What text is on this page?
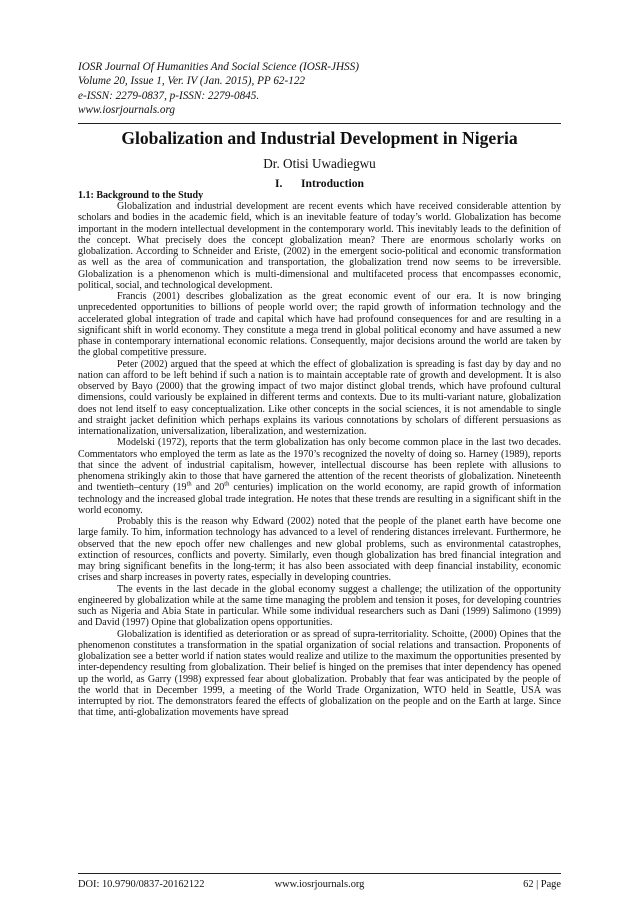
IOSR Journal Of Humanities And Social Science (IOSR-JHSS)
Volume 20, Issue 1, Ver. IV (Jan. 2015), PP 62-122
e-ISSN: 2279-0837, p-ISSN: 2279-0845.
www.iosrjournals.org
Globalization and Industrial Development in Nigeria
Dr. Otisi Uwadiegwu
I. Introduction
1.1: Background to the Study

Globalization and industrial development are recent events which have received considerable attention by scholars and bodies in the academic field, which is an inevitable feature of today’s world. Globalization has become important in the modern intellectual development in the contemporary world. This inevitably leads to the definition of the concept. What precisely does the concept globalization mean? There are enormous scholarly works on globalization. According to Schneider and Eriste, (2002) in the emergent socio-political and economic transformation as well as the area of communication and transportation, the globalization trend now seems to be irreversible. Globalization is a phenomenon which is multi-dimensional and multifaceted process that encompasses economic, political, social, and technological development.

Francis (2001) describes globalization as the great economic event of our era. It is now bringing unprecedented opportunities to billions of people world over; the rapid growth of information technology and the accelerated global integration of trade and capital which have had profound consequences for and are resulting in a significant shift in world economy. They constitute a mega trend in global political economy and have assumed a new phase in contemporary international economic relations. Consequently, major decisions around the world are taken by the global competitive pressure.

Peter (2002) argued that the speed at which the effect of globalization is spreading is fast day by day and no nation can afford to be left behind if such a nation is to maintain acceptable rate of growth and development. It is also observed by Bayo (2000) that the growing impact of two major distinct global trends, which have profound cultural dimensions, could variously be explained in different terms and contexts. Due to its multi-variant nature, globalization does not lend itself to easy conceptualization. Like other concepts in the social sciences, it is not amendable to single and straight jacket definition which perhaps explains its various connotations by scholars of different persuasions as internationalization, universalization, liberalization, and westernization.

Modelski (1972), reports that the term globalization has only become common place in the last two decades. Commentators who employed the term as late as the 1970’s recognized the novelty of doing so. Harney (1989), reports that since the advent of industrial capitalism, however, intellectual discourse has been replete with allusions to phenomena strikingly akin to those that have garnered the attention of the recent theorists of globalization. Nineteenth and twentieth–century (19th and 20th centuries) implication on the world economy, are rapid growth of information technology and the increased global trade integration. He notes that these trends are resulting in a significant shift in the world economy.

Probably this is the reason why Edward (2002) noted that the people of the planet earth have become one large family. To him, information technology has advanced to a level of rendering distances irrelevant. Furthermore, he observed that the new epoch offer new challenges and new global problems, such as environmental catastrophes, extinction of resources, conflicts and poverty. Similarly, even though globalization has bred financial integration and may bring significant benefits in the long-term; it has also been associated with deep financial instability, economic crises and sharp increases in poverty rates, especially in developing countries.

The events in the last decade in the global economy suggest a challenge; the utilization of the opportunity engineered by globalization while at the same time managing the problem and tension it poses, for developing countries such as Nigeria and Abia State in particular. While some individual researchers such as Dani (1999) Salimono (1999) and David (1997) Opine that globalization opens opportunities.

Globalization is identified as deterioration or as spread of supra-territoriality. Schoitte, (2000) Opines that the phenomenon constitutes a transformation in the spatial organization of social relations and transaction. Proponents of globalization see a better world if nation states would realize and utilize to the maximum the opportunities presented by inter-dependency resulting from globalization. Their belief is hinged on the premises that inter dependency has opened up the world, as Garry (1998) expressed fear about globalization. Probably that fear was anticipated by the people of the world that in December 1999, a meeting of the World Trade Organization, WTO held in Seattle, USA was interrupted by riot. The demonstrators feared the effects of globalization on the people and on the Earth at large. Since that time, anti-globalization movements have spread

DOI: 10.9790/0837-20162122	www.iosrjournals.org	62 | Page
